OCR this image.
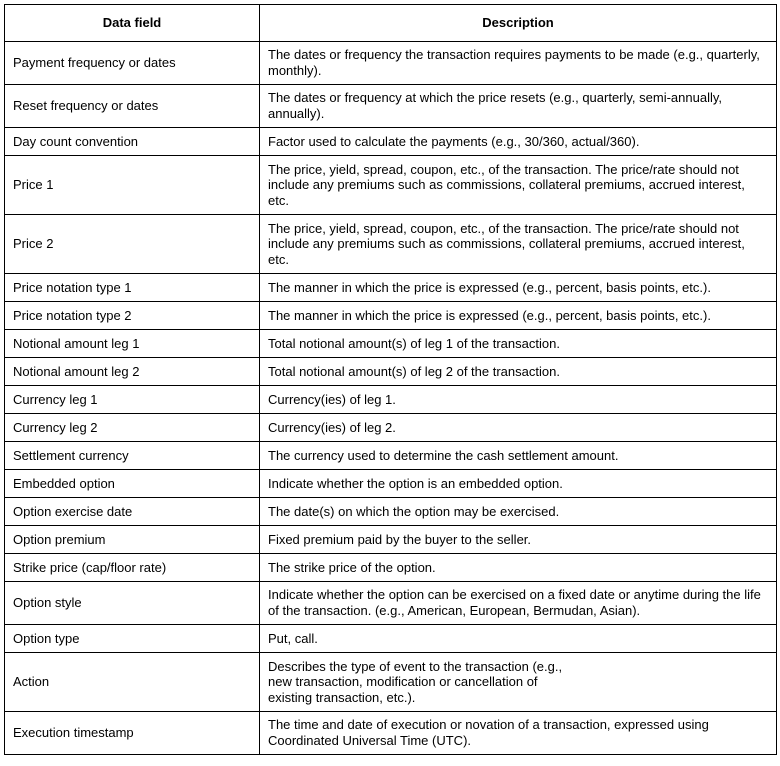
Data field	Description
Payment frequency or dates	The dates or frequency the transaction requires payments to be made (e.g., quarterly, monthly).
Reset frequency or dates	The dates or frequency at which the price resets (e.g., quarterly, semi-annually, annually).
Day count convention	Factor used to calculate the payments (e.g., 30/360, actual/360).
Price 1	The price, yield, spread, coupon, etc., of the transaction. The price/rate should not include any premiums such as commissions, collateral premiums, accrued interest, etc.
Price 2	The price, yield, spread, coupon, etc., of the transaction. The price/rate should not include any premiums such as commissions, collateral premiums, accrued interest, etc.
Price notation type 1	The manner in which the price is expressed (e.g., percent, basis points, etc.).
Price notation type 2	The manner in which the price is expressed (e.g., percent, basis points, etc.).
Notional amount leg 1	Total notional amount(s) of leg 1 of the transaction.
Notional amount leg 2	Total notional amount(s) of leg 2 of the transaction.
Currency leg 1	Currency(ies) of leg 1.
Currency leg 2	Currency(ies) of leg 2.
Settlement currency	The currency used to determine the cash settlement amount.
Embedded option	Indicate whether the option is an embedded option.
Option exercise date	The date(s) on which the option may be exercised.
Option premium	Fixed premium paid by the buyer to the seller.
Strike price (cap/floor rate)	The strike price of the option.
Option style	Indicate whether the option can be exercised on a fixed date or anytime during the life of the transaction. (e.g., American, European, Bermudan, Asian).
Option type	Put, call.
Action	Describes the type of event to the transaction (e.g.,
new transaction, modification or cancellation of
existing transaction, etc.).
Execution timestamp	The time and date of execution or novation of a transaction, expressed using Coordinated Universal Time (UTC).
